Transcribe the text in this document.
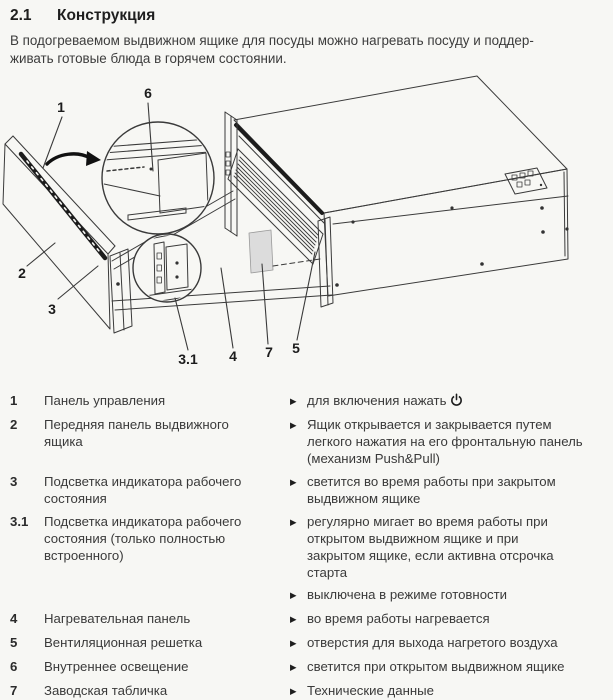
2.1	Конструкция
В подогреваемом выдвижном ящике для посуды можно нагревать посуду и поддер-
живать готовые блюда в горячем состоянии.
1
6
2
3
3.1 4 7 5
1	Панель управления	▶ для включения нажать
2	Передняя панель выдвижного ящика
▶ Ящик открывается и закрывается путем легкого нажатия на его фронтальную панель (механизм Push&Pull)
3	Подсветка индикатора рабочего состояния
▶ светится во время работы при закрытом выдвижном ящике
3.1	Подсветка индикатора рабочего состояния (только полностью встроенного)
▶ регулярно мигает во время работы при открытом выдвижном ящике и при закрытом ящике, если активна отсрочка старта
▶ выключена в режиме готовности
4	Нагревательная панель	▶ во время работы нагревается
5	Вентиляционная решетка	▶ отверстия для выхода нагретого воздуха
6	Внутреннее освещение	▶ светится при открытом выдвижном ящике
7	Заводская табличка	▶ Технические данные
